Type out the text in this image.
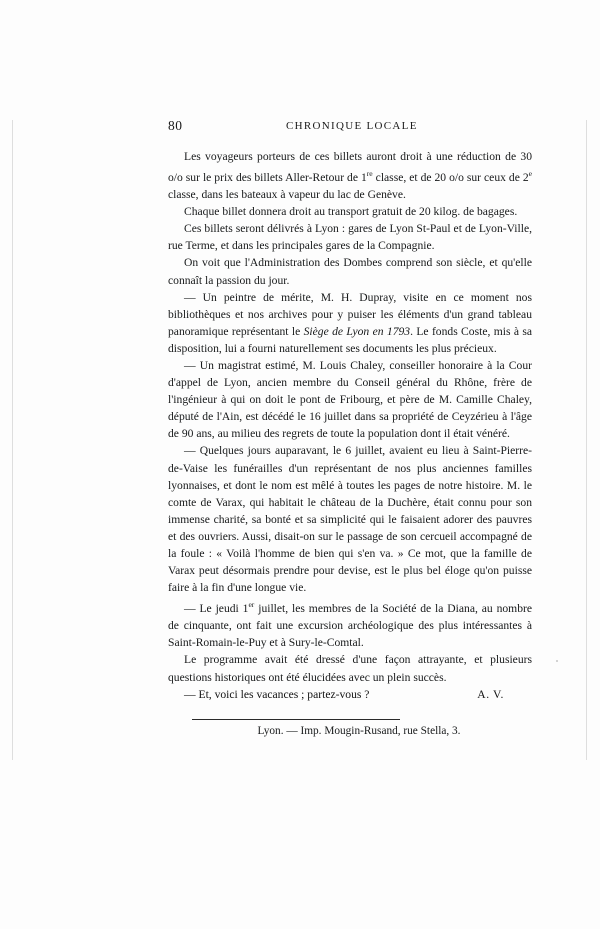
80	CHRONIQUE LOCALE

Les voyageurs porteurs de ces billets auront droit à une réduction de 30 o/o sur le prix des billets Aller-Retour de 1re classe, et de 20 o/o sur ceux de 2e classe, dans les bateaux à vapeur du lac de Genève.

Chaque billet donnera droit au transport gratuit de 20 kilog. de bagages.

Ces billets seront délivrés à Lyon : gares de Lyon St-Paul et de Lyon-Ville, rue Terme, et dans les principales gares de la Compagnie.

On voit que l'Administration des Dombes comprend son siècle, et qu'elle connaît la passion du jour.

— Un peintre de mérite, M. H. Dupray, visite en ce moment nos bibliothèques et nos archives pour y puiser les éléments d'un grand tableau panoramique représentant le Siège de Lyon en 1793. Le fonds Coste, mis à sa disposition, lui a fourni naturellement ses documents les plus précieux.

— Un magistrat estimé, M. Louis Chaley, conseiller honoraire à la Cour d'appel de Lyon, ancien membre du Conseil général du Rhône, frère de l'ingénieur à qui on doit le pont de Fribourg, et père de M. Camille Chaley, député de l'Ain, est décédé le 16 juillet dans sa propriété de Ceyzérieu à l'âge de 90 ans, au milieu des regrets de toute la population dont il était vénéré.

— Quelques jours auparavant, le 6 juillet, avaient eu lieu à Saint-Pierre-de-Vaise les funérailles d'un représentant de nos plus anciennes familles lyonnaises, et dont le nom est mêlé à toutes les pages de notre histoire. M. le comte de Varax, qui habitait le château de la Duchère, était connu pour son immense charité, sa bonté et sa simplicité qui le faisaient adorer des pauvres et des ouvriers. Aussi, disait-on sur le passage de son cercueil accompagné de la foule : « Voilà l'homme de bien qui s'en va. » Ce mot, que la famille de Varax peut désormais prendre pour devise, est le plus bel éloge qu'on puisse faire à la fin d'une longue vie.

— Le jeudi 1er juillet, les membres de la Société de la Diana, au nombre de cinquante, ont fait une excursion archéologique des plus intéressantes à Saint-Romain-le-Puy et à Sury-le-Comtal.

Le programme avait été dressé d'une façon attrayante, et plusieurs questions historiques ont été élucidées avec un plein succès.

— Et, voici les vacances ; partez-vous ?	A. V.
Lyon. — Imp. Mougin-Rusand, rue Stella, 3.
